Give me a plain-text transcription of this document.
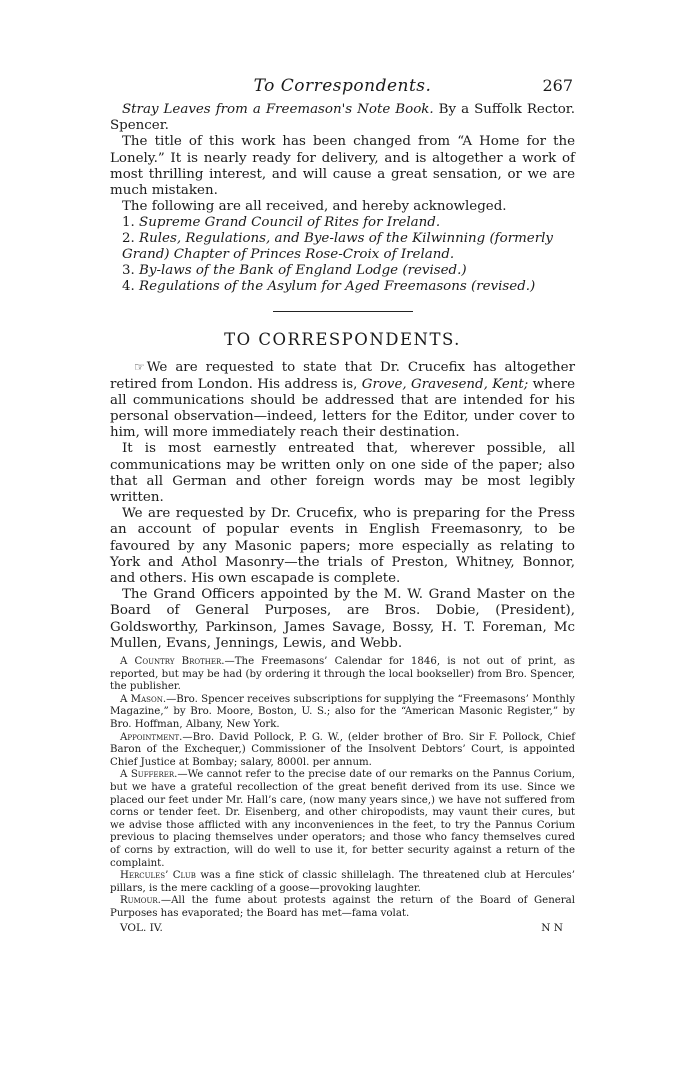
To Correspondents.	267

Stray Leaves from a Freemason's Note Book. By a Suffolk Rector. Spencer.

The title of this work has been changed from “A Home for the Lonely.” It is nearly ready for delivery, and is altogether a work of most thrilling interest, and will cause a great sensation, or we are much mistaken.

The following are all received, and hereby acknowleged.

1. Supreme Grand Council of Rites for Ireland.
2. Rules, Regulations, and Bye-laws of the Kilwinning (formerly Grand) Chapter of Princes Rose-Croix of Ireland.
3. By-laws of the Bank of England Lodge (revised.)
4. Regulations of the Asylum for Aged Freemasons (revised.)
TO CORRESPONDENTS.

☞ We are requested to state that Dr. Crucefix has altogether retired from London. His address is, Grove, Gravesend, Kent; where all communications should be addressed that are intended for his personal observation—indeed, letters for the Editor, under cover to him, will more immediately reach their destination.

It is most earnestly entreated that, wherever possible, all communications may be written only on one side of the paper; also that all German and other foreign words may be most legibly written.

We are requested by Dr. Crucefix, who is preparing for the Press an account of popular events in English Freemasonry, to be favoured by any Masonic papers; more especially as relating to York and Athol Masonry—the trials of Preston, Whitney, Bonnor, and others. His own escapade is complete.

The Grand Officers appointed by the M. W. Grand Master on the Board of General Purposes, are Bros. Dobie, (President), Goldsworthy, Parkinson, James Savage, Bossy, H. T. Foreman, Mc Mullen, Evans, Jennings, Lewis, and Webb.

A Country Brother.—The Freemasons’ Calendar for 1846, is not out of print, as reported, but may be had (by ordering it through the local bookseller) from Bro. Spencer, the publisher.

A Mason.—Bro. Spencer receives subscriptions for supplying the “Freemasons’ Monthly Magazine,” by Bro. Moore, Boston, U. S.; also for the “American Masonic Register,” by Bro. Hoffman, Albany, New York.

Appointment.—Bro. David Pollock, P. G. W., (elder brother of Bro. Sir F. Pollock, Chief Baron of the Exchequer,) Commissioner of the Insolvent Debtors’ Court, is appointed Chief Justice at Bombay; salary, 8000l. per annum.

A Sufferer.—We cannot refer to the precise date of our remarks on the Pannus Corium, but we have a grateful recollection of the great benefit derived from its use. Since we placed our feet under Mr. Hall’s care, (now many years since,) we have not suffered from corns or tender feet. Dr. Eisenberg, and other chiropodists, may vaunt their cures, but we advise those afflicted with any inconveniences in the feet, to try the Pannus Corium previous to placing themselves under operators; and those who fancy themselves cured of corns by extraction, will do well to use it, for better security against a return of the complaint.

Hercules’ Club was a fine stick of classic shillelagh. The threatened club at Hercules’ pillars, is the mere cackling of a goose—provoking laughter.

Rumour.—All the fume about protests against the return of the Board of General Purposes has evaporated; the Board has met—fama volat.

VOL. IV.	N N
